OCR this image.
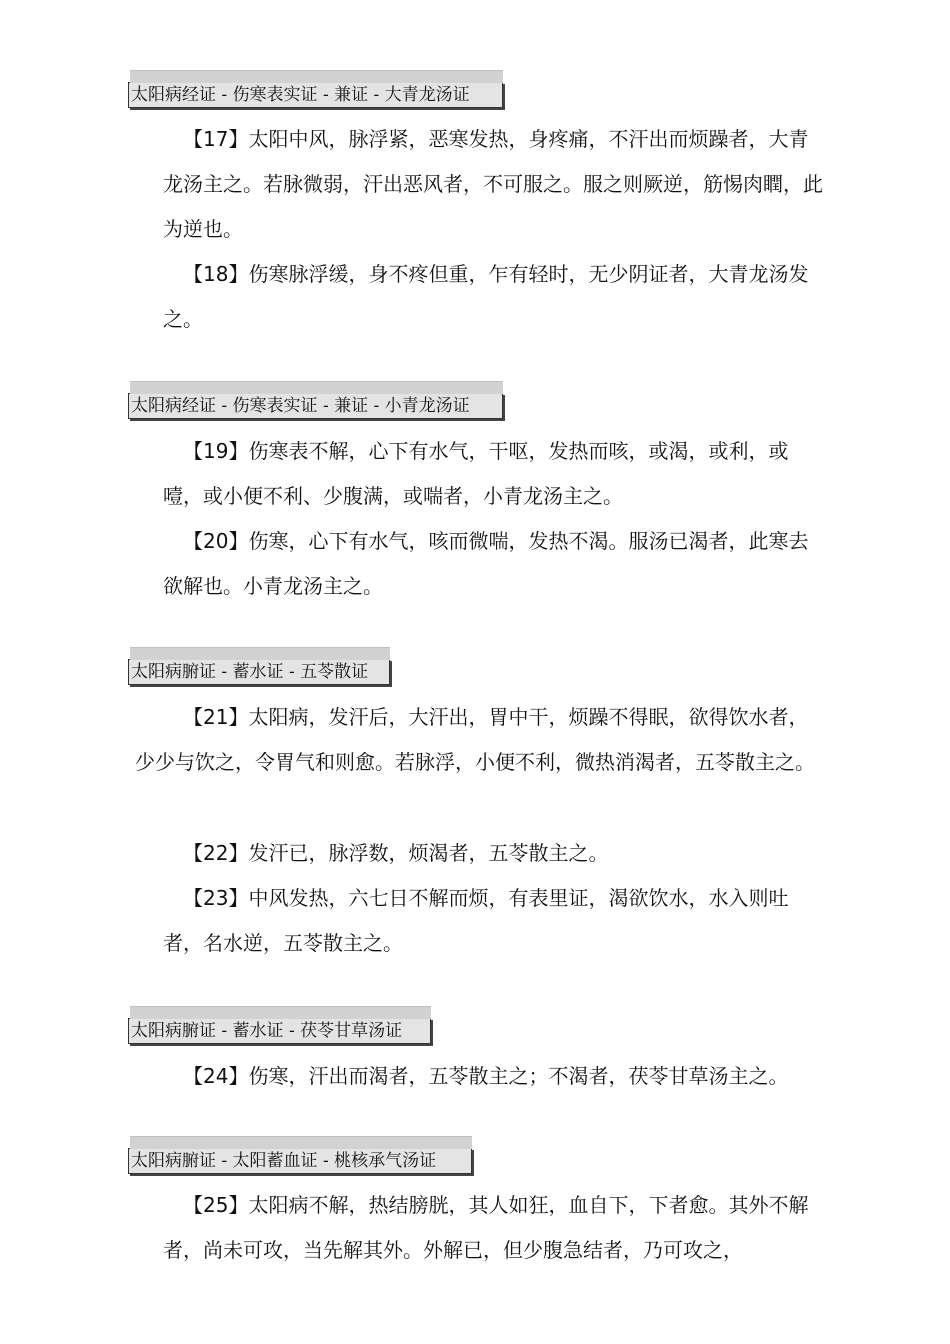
太阳病经证 - 伤寒表实证 - 兼证 - 大青龙汤证

【17】太阳中风，脉浮紧，恶寒发热，身疼痛，不汗出而烦躁者，大青龙汤主之。若脉微弱，汗出恶风者，不可服之。服之则厥逆，筋惕肉瞤，此为逆也。

【18】伤寒脉浮缓，身不疼但重，乍有轻时，无少阴证者，大青龙汤发之。

太阳病经证 - 伤寒表实证 - 兼证 - 小青龙汤证

【19】伤寒表不解，心下有水气，干呕，发热而咳，或渴，或利，或噎，或小便不利、少腹满，或喘者，小青龙汤主之。

【20】伤寒，心下有水气，咳而微喘，发热不渴。服汤已渴者，此寒去欲解也。小青龙汤主之。

太阳病腑证 - 蓄水证 - 五苓散证

【21】太阳病，发汗后，大汗出，胃中干，烦躁不得眠，欲得饮水者，少少与饮之，令胃气和则愈。若脉浮，小便不利，微热消渴者，五苓散主之。

【22】发汗已，脉浮数，烦渴者，五苓散主之。

【23】中风发热，六七日不解而烦，有表里证，渴欲饮水，水入则吐者，名水逆，五苓散主之。

太阳病腑证 - 蓄水证 - 茯苓甘草汤证

【24】伤寒，汗出而渴者，五苓散主之；不渴者，茯苓甘草汤主之。

太阳病腑证 - 太阳蓄血证 - 桃核承气汤证

【25】太阳病不解，热结膀胱，其人如狂，血自下，下者愈。其外不解者，尚未可攻，当先解其外。外解已，但少腹急结者，乃可攻之，
